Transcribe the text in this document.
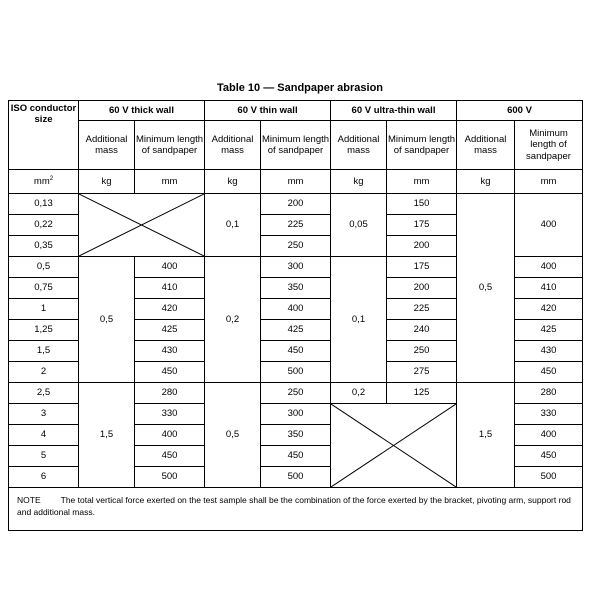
Table 10 — Sandpaper abrasion
ISO conductor size	60 V thick wall		60 V thin wall		60 V ultra-thin wall		600 V	
	Additional mass	Minimum length of sandpaper	Additional mass	Minimum length of sandpaper	Additional mass	Minimum length of sandpaper	Additional mass	Minimum length of sandpaper
$mm^2$	kg	mm	kg	mm	kg	mm	kg	mm
0,13			0,1	200	0,05	150	0,5	400
0,22				225		175		
0,35				250		200		
0,5	0,5	400	0,2	300	0,1	175		400
0,75		410		350		200		410
1		420		400		225		420
1,25		425		425		240		425
1,5		430		450		250		430
2		450		500		275		450
2,5	1,5	280	0,5	250	0,2	125	1,5	280
3		330		300				330
4		400		350				400
5		450		450				450
6		500		500				500
NOTE The total vertical force exerted on the test sample shall be the combination of the force exerted by the bracket, pivoting arm, support rod and additional mass.								
